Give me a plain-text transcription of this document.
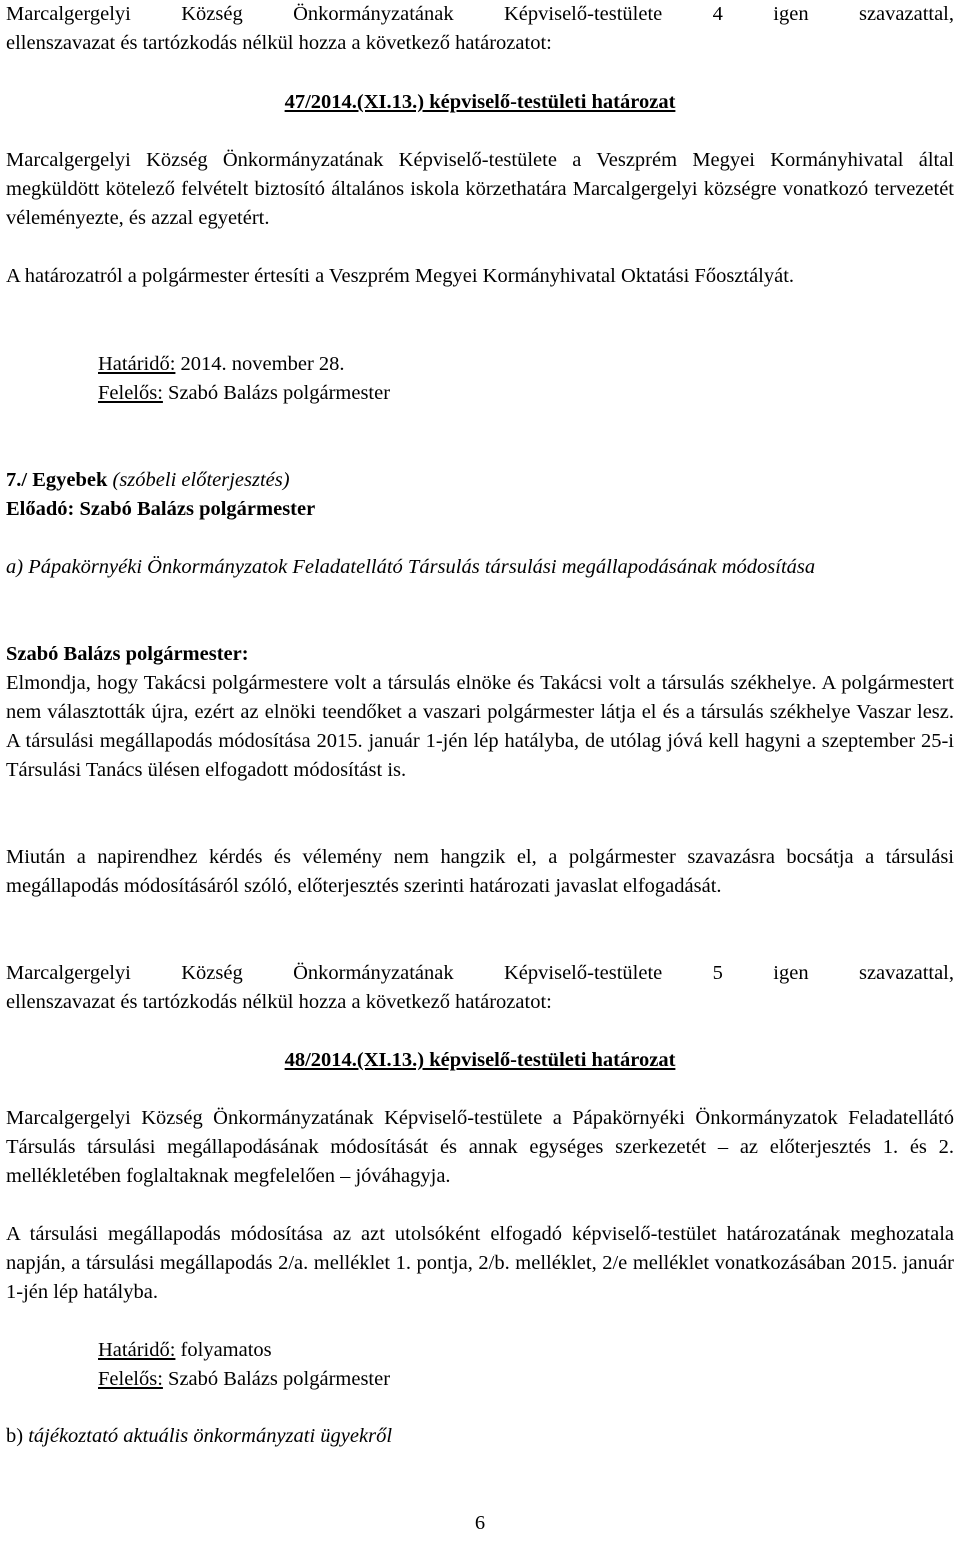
Marcalgergelyi Község Önkormányzatának Képviselő-testülete 4 igen szavazattal,

ellenszavazat és tartózkodás nélkül hozza a következő határozatot:

47/2014.(XI.13.) képviselő-testületi határozat

Marcalgergelyi Község Önkormányzatának Képviselő-testülete a Veszprém Megyei Kormányhivatal által megküldött kötelező felvételt biztosító általános iskola körzethatára Marcalgergelyi községre vonatkozó tervezetét véleményezte, és azzal egyetért.

A határozatról a polgármester értesíti a Veszprém Megyei Kormányhivatal Oktatási Főosztályát.

Határidő: 2014. november 28.

Felelős: Szabó Balázs polgármester

7./ Egyebek (szóbeli előterjesztés)

Előadó: Szabó Balázs polgármester

a) Pápakörnyéki Önkormányzatok Feladatellátó Társulás társulási megállapodásának módosítása

Szabó Balázs polgármester:

Elmondja, hogy Takácsi polgármestere volt a társulás elnöke és Takácsi volt a társulás székhelye. A polgármestert nem választották újra, ezért az elnöki teendőket a vaszari polgármester látja el és a társulás székhelye Vaszar lesz. A társulási megállapodás módosítása 2015. január 1-jén lép hatályba, de utólag jóvá kell hagyni a szeptember 25-i Társulási Tanács ülésen elfogadott módosítást is.

Miután a napirendhez kérdés és vélemény nem hangzik el, a polgármester szavazásra bocsátja a társulási megállapodás módosításáról szóló, előterjesztés szerinti határozati javaslat elfogadását.

Marcalgergelyi Község Önkormányzatának Képviselő-testülete 5 igen szavazattal,

ellenszavazat és tartózkodás nélkül hozza a következő határozatot:

48/2014.(XI.13.) képviselő-testületi határozat

Marcalgergelyi Község Önkormányzatának Képviselő-testülete a Pápakörnyéki Önkormányzatok Feladatellátó Társulás társulási megállapodásának módosítását és annak egységes szerkezetét – az előterjesztés 1. és 2. mellékletében foglaltaknak megfelelően – jóváhagyja.

A társulási megállapodás módosítása az azt utolsóként elfogadó képviselő-testület határozatának meghozatala napján, a társulási megállapodás 2/a. melléklet 1. pontja, 2/b. melléklet, 2/e melléklet vonatkozásában 2015. január 1-jén lép hatályba.

Határidő: folyamatos

Felelős: Szabó Balázs polgármester

b) tájékoztató aktuális önkormányzati ügyekről

6
